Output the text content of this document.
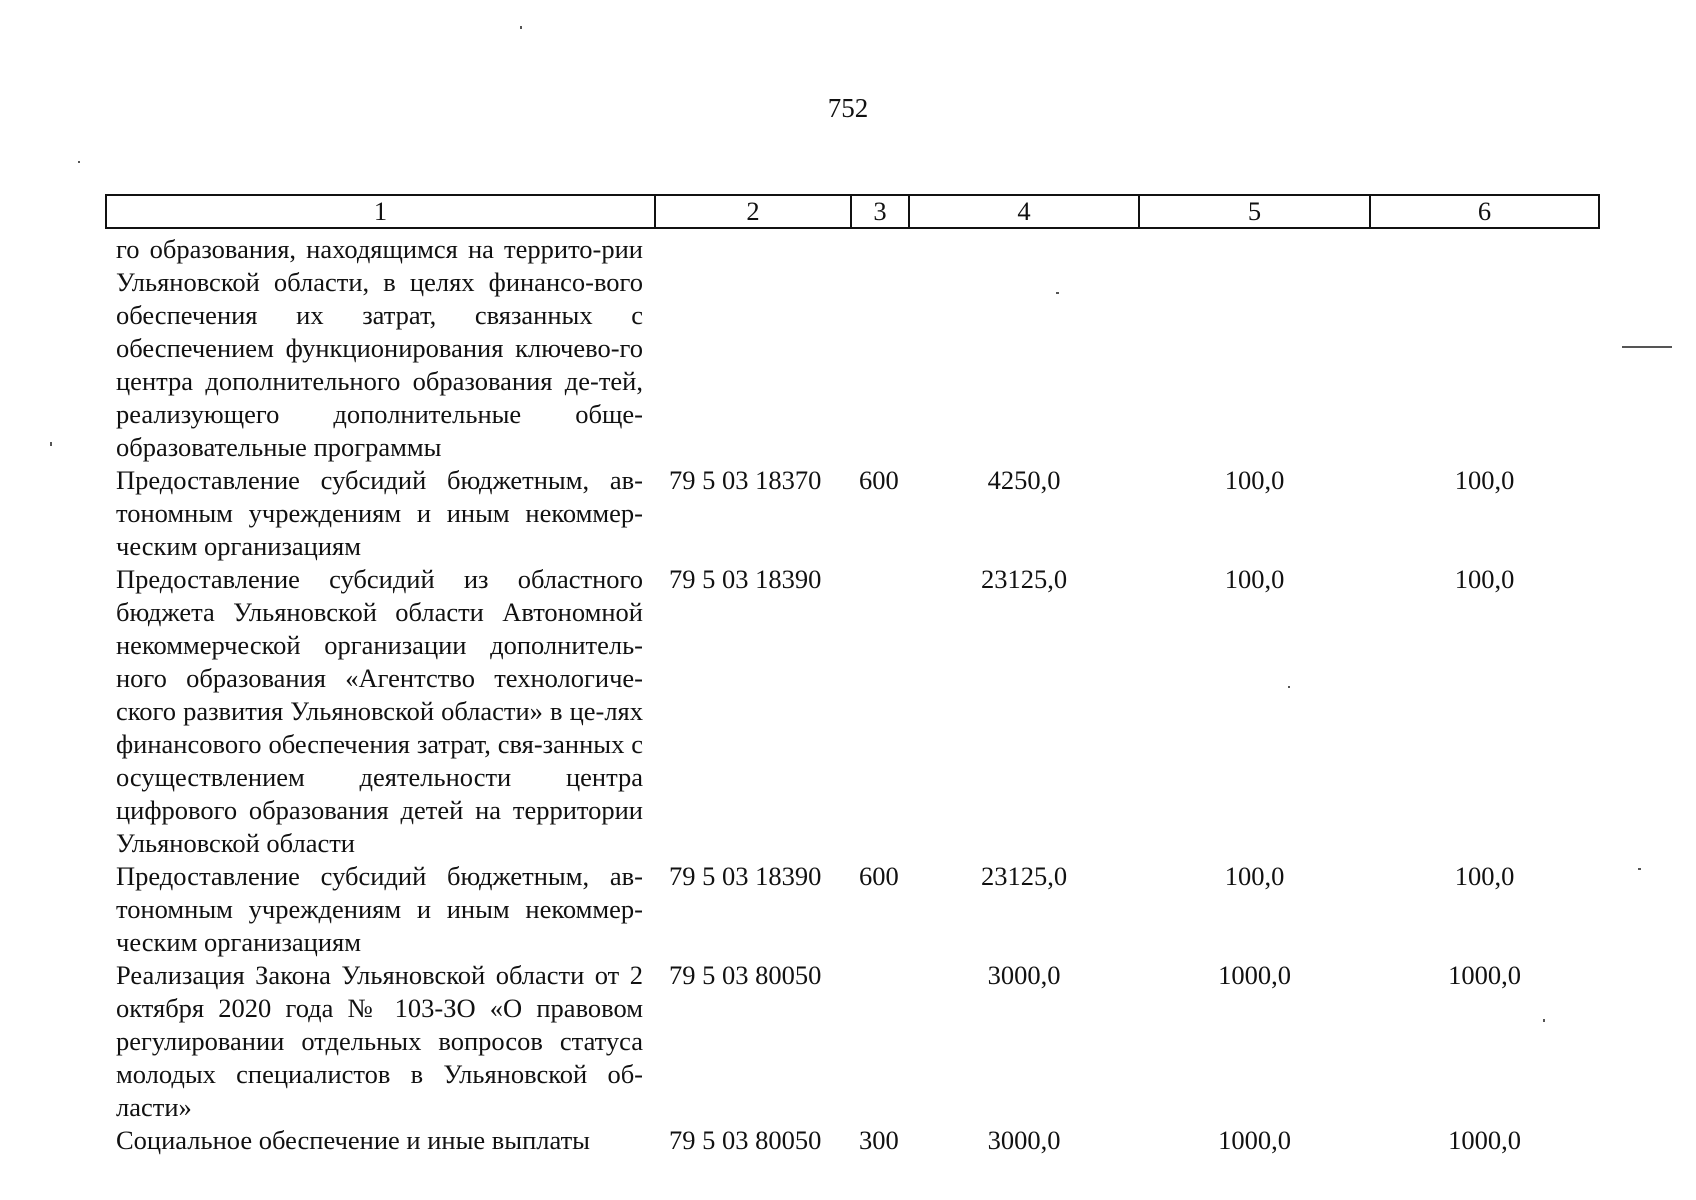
752
1	2	3	4	5	6
го образования, находящимся на террито-рии Ульяновской области, в целях финансо-вого обеспечения их затрат, связанных с обеспечением функционирования ключево-го центра дополнительного образования де-тей, реализующего дополнительные обще-образовательные программы					
Предоставление субсидий бюджетным, ав-тономным учреждениям и иным некоммер-ческим организациям	79 5 03 18370	600	4250,0	100,0	100,0
Предоставление субсидий из областного бюджета Ульяновской области Автономной некоммерческой организации дополнитель-ного образования «Агентство технологиче-ского развития Ульяновской области» в це-лях финансового обеспечения затрат, свя-занных с осуществлением деятельности центра цифрового образования детей на территории Ульяновской области	79 5 03 18390		23125,0	100,0	100,0
Предоставление субсидий бюджетным, ав-тономным учреждениям и иным некоммер-ческим организациям	79 5 03 18390	600	23125,0	100,0	100,0
Реализация Закона Ульяновской области от 2 октября 2020 года № 103-ЗО «О правовом регулировании отдельных вопросов статуса молодых специалистов в Ульяновской об-ласти»	79 5 03 80050		3000,0	1000,0	1000,0
Социальное обеспечение и иные выплаты	79 5 03 80050	300	3000,0	1000,0	1000,0
